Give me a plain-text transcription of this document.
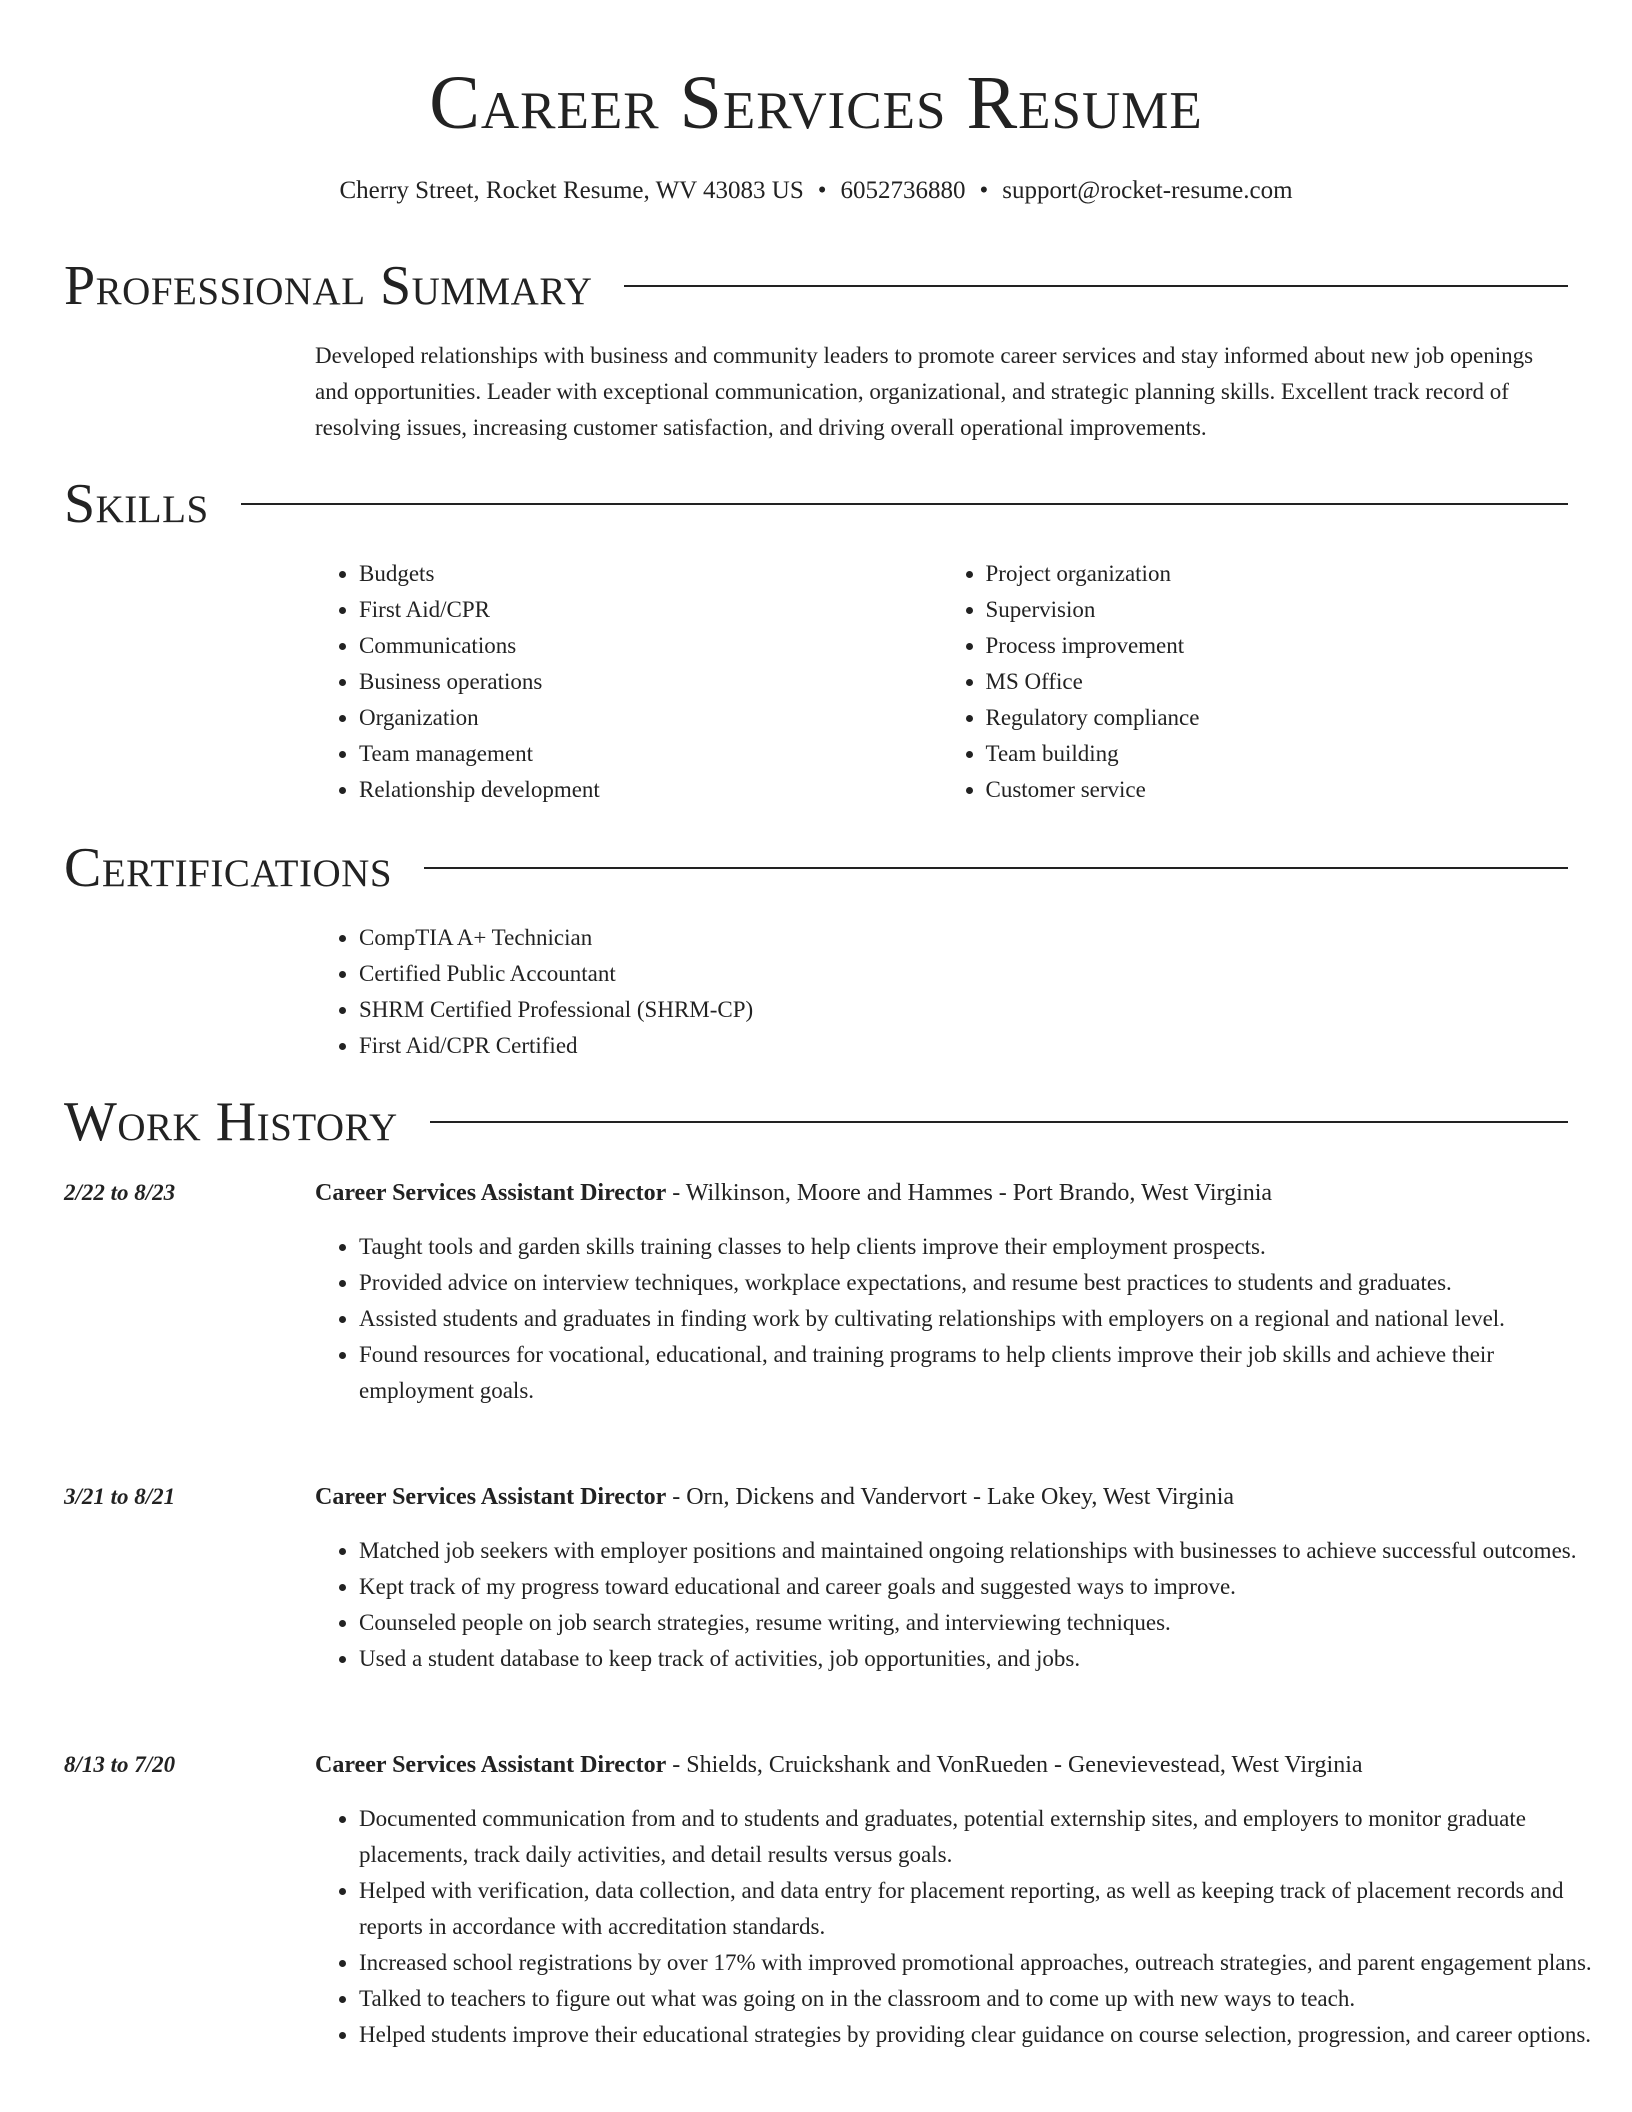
Career Services Resume
Cherry Street, Rocket Resume, WV 43083 US • 6052736880 • support@rocket-resume.com
Professional Summary

Developed relationships with business and community leaders to promote career services and stay informed about new job openings and opportunities. Leader with exceptional communication, organizational, and strategic planning skills. Excellent track record of resolving issues, increasing customer satisfaction, and driving overall operational improvements.

Skills
• Budgets
• First Aid/CPR
• Communications
• Business operations
• Organization
• Team management
• Relationship development
• Project organization
• Supervision
• Process improvement
• MS Office
• Regulatory compliance
• Team building
• Customer service
Certifications
• CompTIA A+ Technician
• Certified Public Accountant
• SHRM Certified Professional (SHRM-CP)
• First Aid/CPR Certified
Work History
2/22 to 8/23	Career Services Assistant Director - Wilkinson, Moore and Hammes - Port Brando, West Virginia
• Taught tools and garden skills training classes to help clients improve their employment prospects.
• Provided advice on interview techniques, workplace expectations, and resume best practices to students and graduates.
• Assisted students and graduates in finding work by cultivating relationships with employers on a regional and national level.
• Found resources for vocational, educational, and training programs to help clients improve their job skills and achieve their employment goals.
3/21 to 8/21	Career Services Assistant Director - Orn, Dickens and Vandervort - Lake Okey, West Virginia
• Matched job seekers with employer positions and maintained ongoing relationships with businesses to achieve successful outcomes.
• Kept track of my progress toward educational and career goals and suggested ways to improve.
• Counseled people on job search strategies, resume writing, and interviewing techniques.
• Used a student database to keep track of activities, job opportunities, and jobs.
8/13 to 7/20	Career Services Assistant Director - Shields, Cruickshank and VonRueden - Genevievestead, West Virginia
• Documented communication from and to students and graduates, potential externship sites, and employers to monitor graduate placements, track daily activities, and detail results versus goals.
• Helped with verification, data collection, and data entry for placement reporting, as well as keeping track of placement records and reports in accordance with accreditation standards.
• Increased school registrations by over 17% with improved promotional approaches, outreach strategies, and parent engagement plans.
• Talked to teachers to figure out what was going on in the classroom and to come up with new ways to teach.
• Helped students improve their educational strategies by providing clear guidance on course selection, progression, and career options.
